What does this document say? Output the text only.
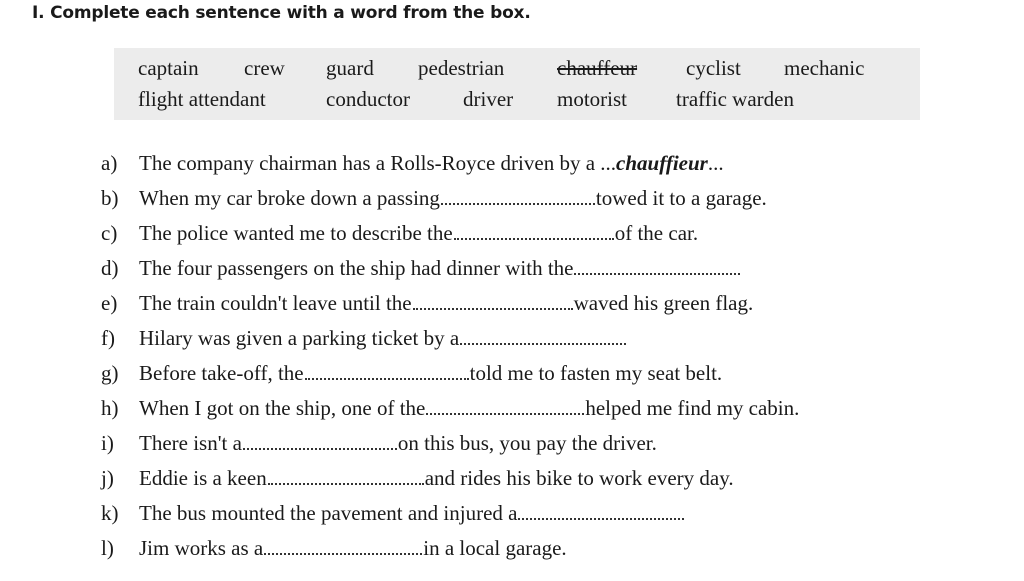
I. Complete each sentence with a word from the box.
captain crew guard pedestrian	chauffeur cyclist mechanic
flight attendant	conductor	driver motorist traffic warden
a) The company chairman has a Rolls-Royce driven by a ...chauffieur...
b) When my car broke down a passing	towed it to a garage.
c) The police wanted me to describe the	of the car.
d) The four passengers on the ship had dinner with the
e) The train couldn't leave until the	waved his green flag.
f) Hilary was given a parking ticket by a
g) Before take-off, the	told me to fasten my seat belt.
h) When I got on the ship, one of the	helped me find my cabin.
i) There isn't a	on this bus, you pay the driver.
j) Eddie is a keen	and rides his bike to work every day.
k) The bus mounted the pavement and injured a
l) Jim works as a	in a local garage.
